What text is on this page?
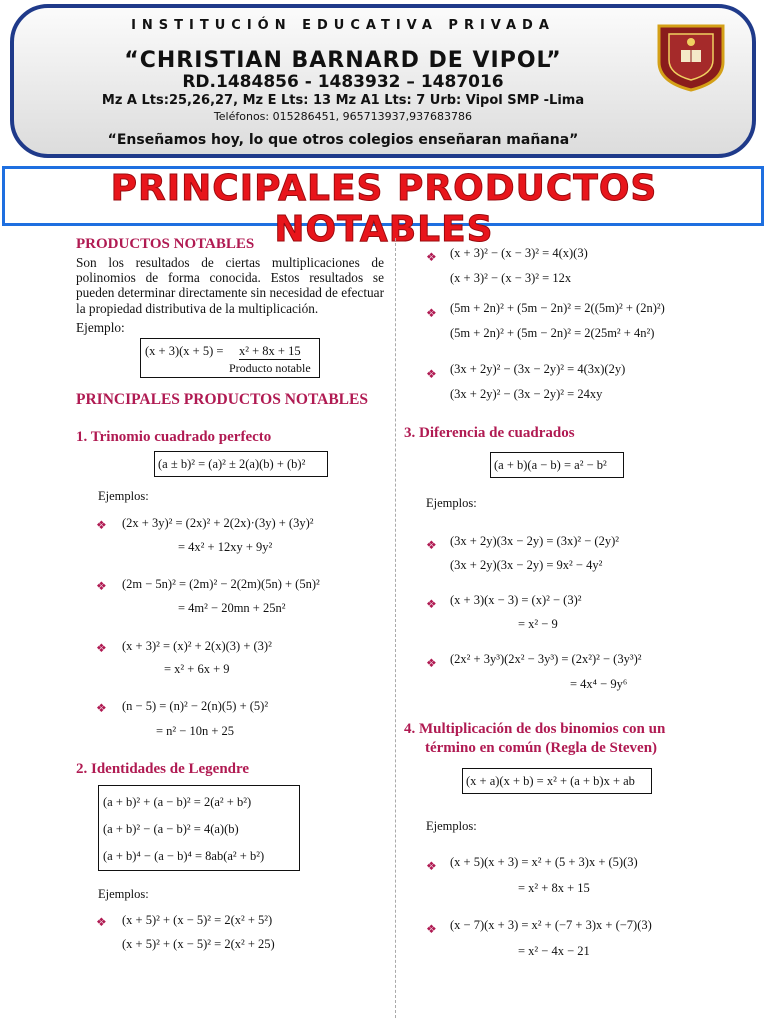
INSTITUCIÓN EDUCATIVA PRIVADA
“CHRISTIAN BARNARD DE VIPOL”
RD.1484856 - 1483932 – 1487016
Mz A Lts:25,26,27, Mz E Lts: 13 Mz A1 Lts: 7 Urb: Vipol SMP -Lima
Teléfonos: 015286451, 965713937,937683786
“Enseñamos hoy, lo que otros colegios enseñaran mañana”
PRINCIPALES PRODUCTOS NOTABLES
PRODUCTOS NOTABLES
Son los resultados de ciertas multiplicaciones de polinomios de forma conocida. Estos resultados se pueden determinar directamente sin necesidad de efectuar la propiedad distributiva de la multiplicación.
Ejemplo:
(x + 3)(x + 5) = x² + 8x + 15
Producto notable
PRINCIPALES PRODUCTOS NOTABLES
1. Trinomio cuadrado perfecto
(a ± b)² = (a)² ± 2(a)(b) + (b)²
Ejemplos:
❖ (2x + 3y)² = (2x)² + 2(2x)·(3y) + (3y)²
= 4x² + 12xy + 9y²
❖ (2m − 5n)² = (2m)² − 2(2m)(5n) + (5n)²
= 4m² − 20mn + 25n²
❖ (x + 3)² = (x)² + 2(x)(3) + (3)²
= x² + 6x + 9
❖ (n − 5) = (n)² − 2(n)(5) + (5)²
= n² − 10n + 25
2. Identidades de Legendre
(a + b)² + (a − b)² = 2(a² + b²)
(a + b)² − (a − b)² = 4(a)(b)
(a + b)⁴ − (a − b)⁴ = 8ab(a² + b²)
Ejemplos:
❖ (x + 5)² + (x − 5)² = 2(x² + 5²)
(x + 5)² + (x − 5)² = 2(x² + 25)
❖ (x + 3)² − (x − 3)² = 4(x)(3)
(x + 3)² − (x − 3)² = 12x
❖ (5m + 2n)² + (5m − 2n)² = 2((5m)² + (2n)²)
(5m + 2n)² + (5m − 2n)² = 2(25m² + 4n²)
❖ (3x + 2y)² − (3x − 2y)² = 4(3x)(2y)
(3x + 2y)² − (3x − 2y)² = 24xy
3. Diferencia de cuadrados
(a + b)(a − b) = a² − b²
Ejemplos:
❖ (3x + 2y)(3x − 2y) = (3x)² − (2y)²
(3x + 2y)(3x − 2y) = 9x² − 4y²
❖ (x + 3)(x − 3) = (x)² − (3)²
= x² − 9
❖ (2x² + 3y³)(2x² − 3y³) = (2x²)² − (3y³)²
= 4x⁴ − 9y⁶
4. Multiplicación de dos binomios con un
término en común (Regla de Steven)
(x + a)(x + b) = x² + (a + b)x + ab
Ejemplos:
❖ (x + 5)(x + 3) = x² + (5 + 3)x + (5)(3)
= x² + 8x + 15
❖ (x − 7)(x + 3) = x² + (−7 + 3)x + (−7)(3)
= x² − 4x − 21
